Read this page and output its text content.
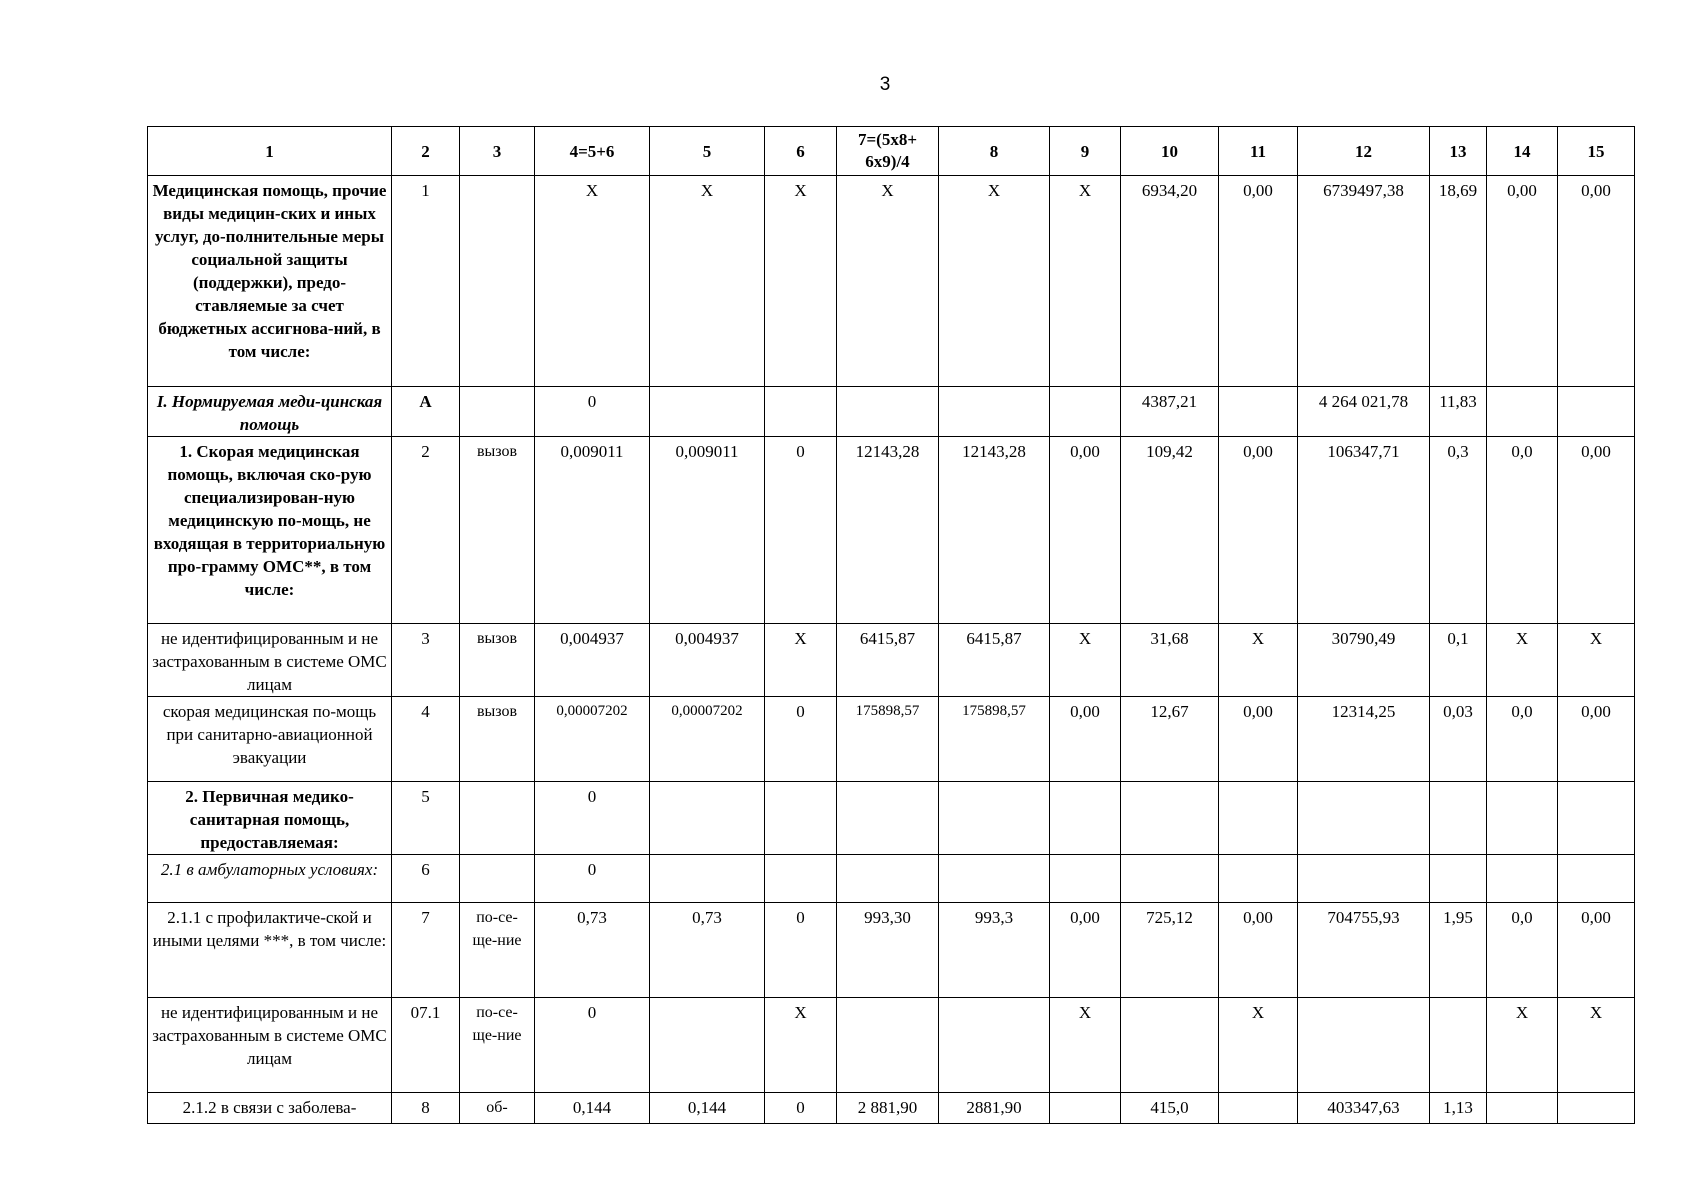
3
1	2	3	4=5+6	5	6	7=(5х8+
6х9)/4	8	9	10	11	12	13	14	15
Медицинская помощь, прочие виды медицин-ских и иных услуг, до-полнительные меры социальной защиты (поддержки), предо-ставляемые за счет бюджетных ассигнова-ний, в том числе:	1		Х	Х	Х	Х	Х	Х	6934,20	0,00	6739497,38	18,69	0,00	0,00
I. Нормируемая меди-цинская помощь	А		0						4387,21		4 264 021,78	11,83		
1. Скорая медицинская помощь, включая ско-рую специализирован-ную медицинскую по-мощь, не входящая в территориальную про-грамму ОМС**, в том числе:	2	вызов	0,009011	0,009011	0	12143,28	12143,28	0,00	109,42	0,00	106347,71	0,3	0,0	0,00
не идентифицированным и не застрахованным в системе ОМС лицам	3	вызов	0,004937	0,004937	Х	6415,87	6415,87	Х	31,68	Х	30790,49	0,1	Х	Х
скорая медицинская по-мощь при санитарно-авиационной эвакуации	4	вызов	0,00007202	0,00007202	0	175898,57	175898,57	0,00	12,67	0,00	12314,25	0,03	0,0	0,00
2. Первичная медико-санитарная помощь, предоставляемая:	5		0											
2.1 в амбулаторных условиях:	6		0											
2.1.1 с профилактиче-ской и иными целями ***, в том числе:	7	по-се-ще-ние	0,73	0,73	0	993,30	993,3	0,00	725,12	0,00	704755,93	1,95	0,0	0,00
не идентифицированным и не застрахованным в системе ОМС лицам	07.1	по-се-ще-ние	0		Х			Х		Х			Х	Х
2.1.2 в связи с заболева-	8	об-	0,144	0,144	0	2 881,90	2881,90		415,0		403347,63	1,13		
